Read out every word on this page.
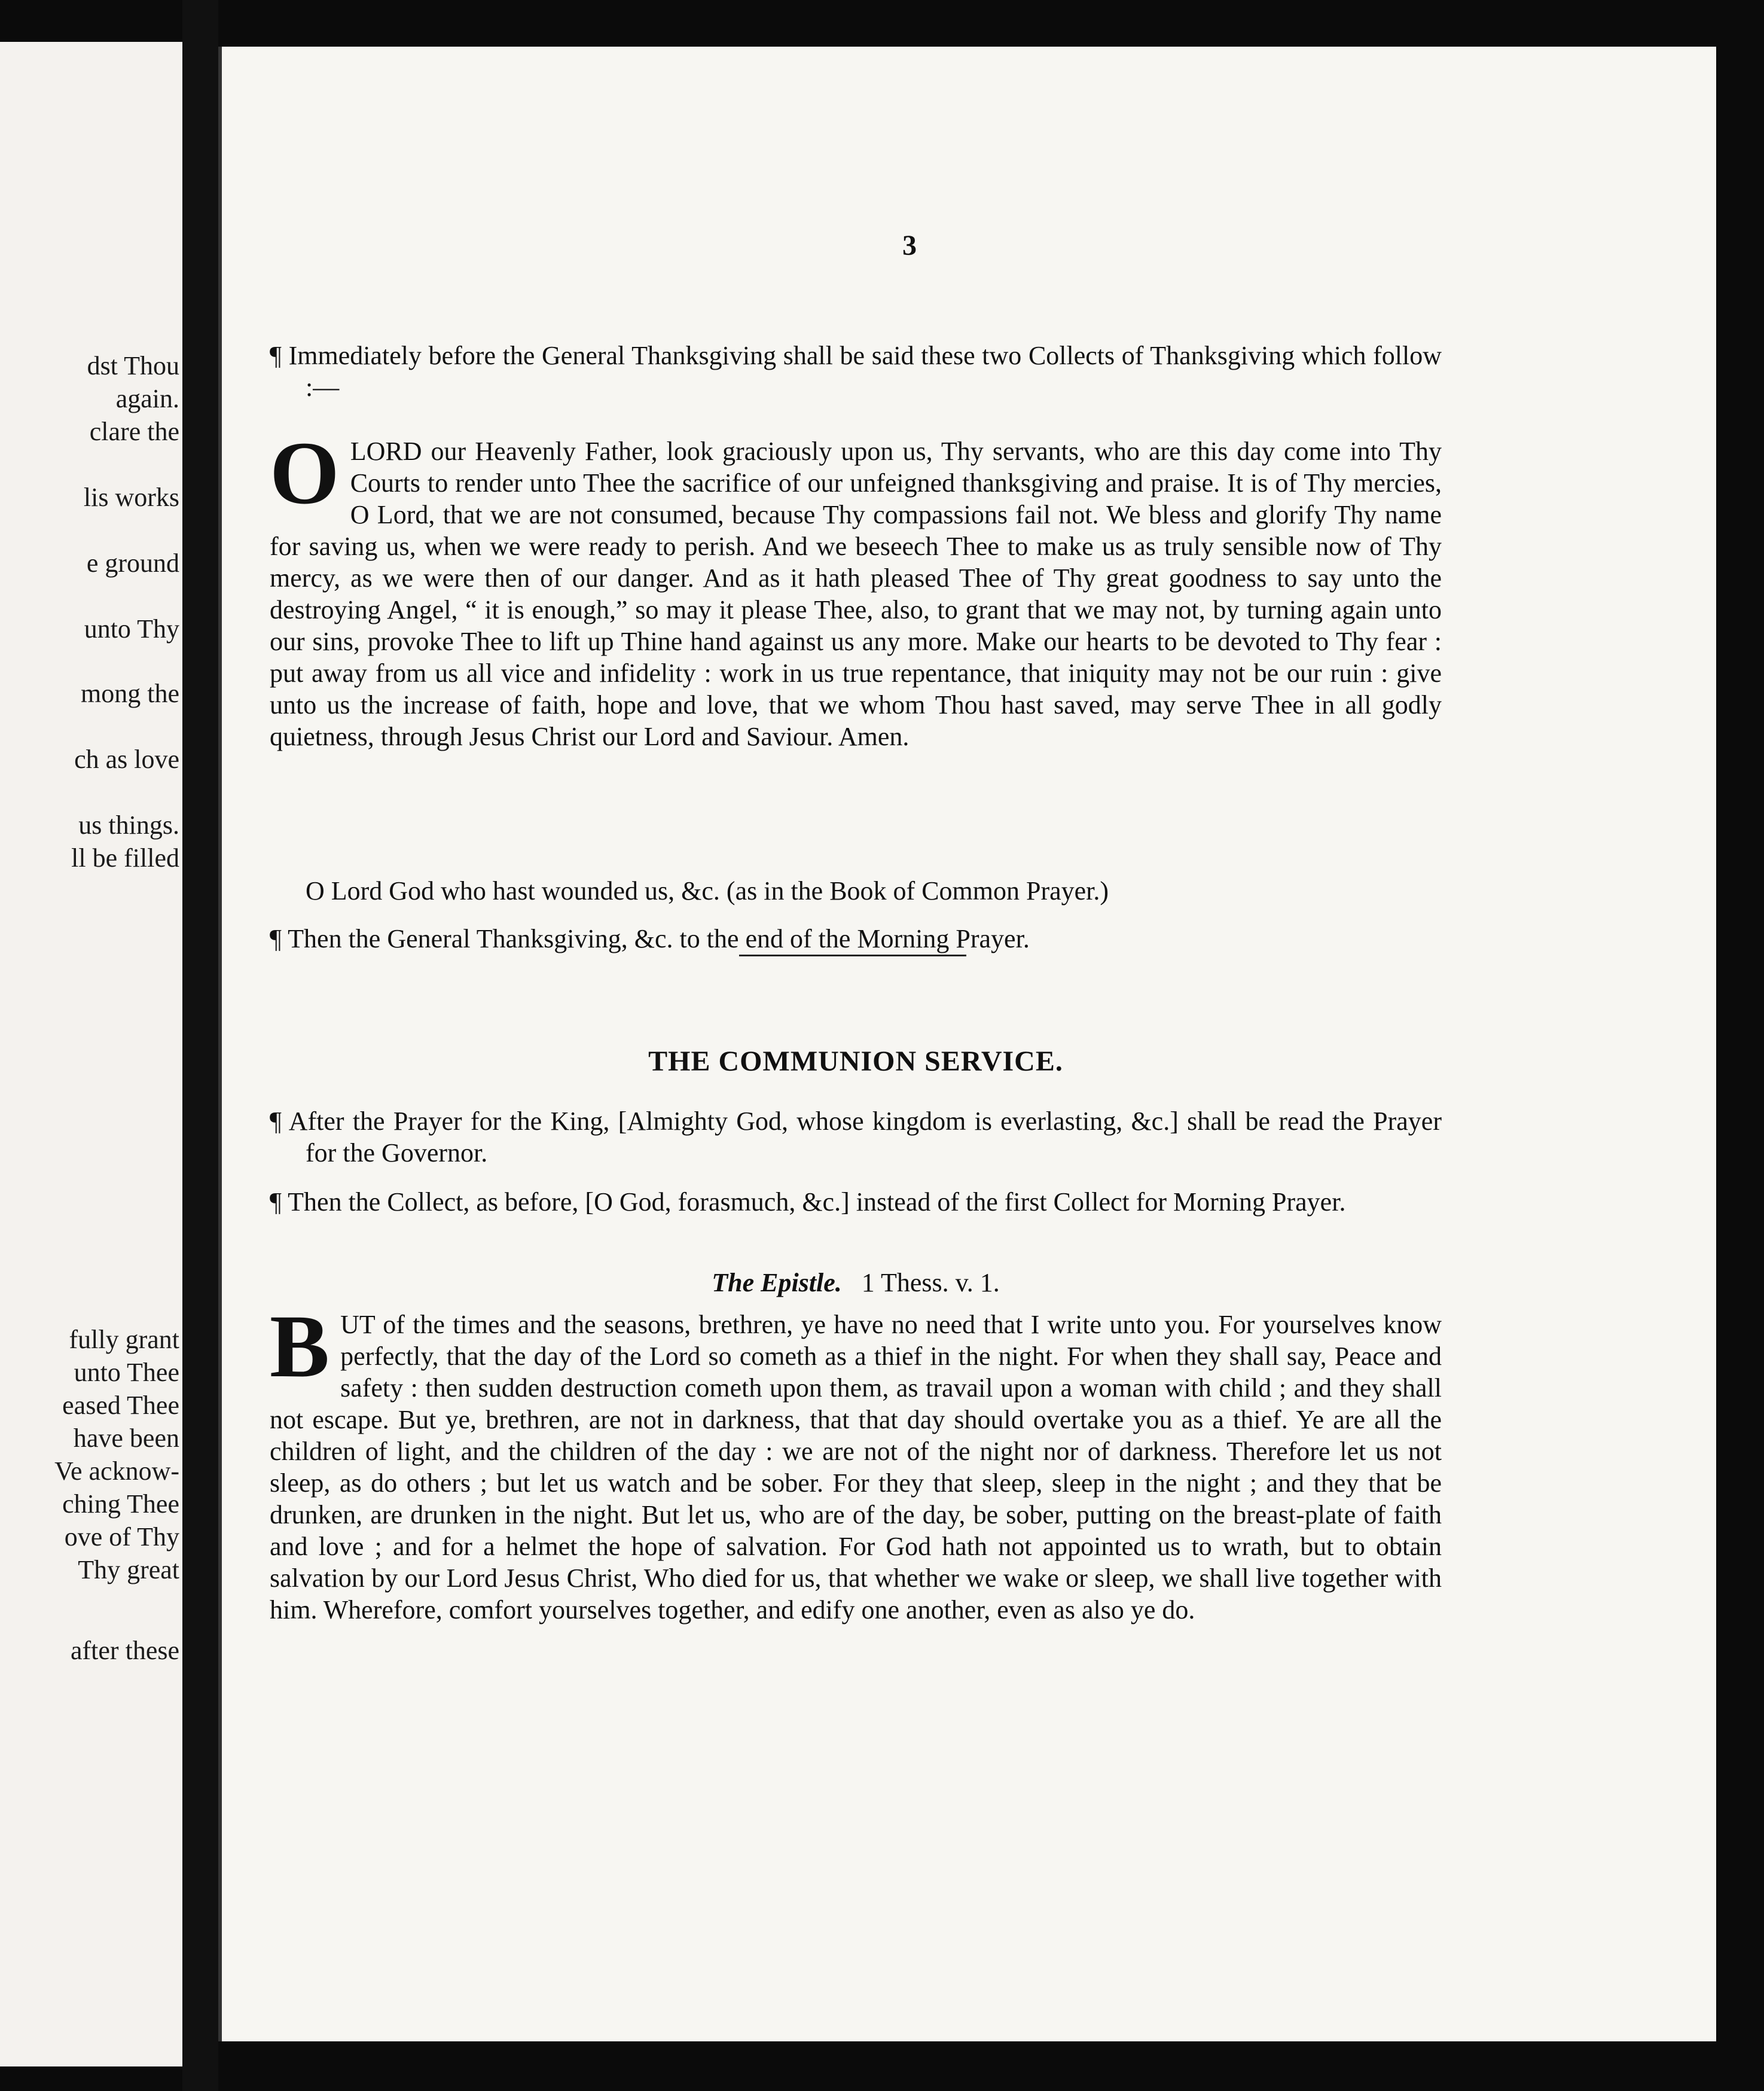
dst Thou
again.
clare the
lis works
e ground
unto Thy
mong the
ch as love
us things.
ll be filled
fully grant
unto Thee
eased Thee
have been
Ve acknow-
ching Thee
ove of Thy
Thy great
after these
3
¶ Immediately before the General Thanksgiving shall be said these two Collects of Thanksgiving which follow :—
O LORD our Heavenly Father, look graciously upon us, Thy servants, who are this day come into Thy Courts to render unto Thee the sacrifice of our unfeigned thanksgiving and praise. It is of Thy mercies, O Lord, that we are not consumed, because Thy compassions fail not. We bless and glorify Thy name for saving us, when we were ready to perish. And we beseech Thee to make us as truly sensible now of Thy mercy, as we were then of our danger. And as it hath pleased Thee of Thy great goodness to say unto the destroying Angel, “ it is enough,” so may it please Thee, also, to grant that we may not, by turning again unto our sins, provoke Thee to lift up Thine hand against us any more. Make our hearts to be devoted to Thy fear : put away from us all vice and infidelity : work in us true repentance, that iniquity may not be our ruin : give unto us the increase of faith, hope and love, that we whom Thou hast saved, may serve Thee in all godly quietness, through Jesus Christ our Lord and Saviour. Amen.
O Lord God who hast wounded us, &c. (as in the Book of Common Prayer.)
¶ Then the General Thanksgiving, &c. to the end of the Morning Prayer.
THE COMMUNION SERVICE.
¶ After the Prayer for the King, [Almighty God, whose kingdom is everlasting, &c.] shall be read the Prayer for the Governor.
¶ Then the Collect, as before, [O God, forasmuch, &c.] instead of the first Collect for Morning Prayer.
The Epistle. 1 Thess. v. 1.
B UT of the times and the seasons, brethren, ye have no need that I write unto you. For yourselves know perfectly, that the day of the Lord so cometh as a thief in the night. For when they shall say, Peace and safety : then sudden destruction cometh upon them, as travail upon a woman with child ; and they shall not escape. But ye, brethren, are not in darkness, that that day should overtake you as a thief. Ye are all the children of light, and the children of the day : we are not of the night nor of darkness. Therefore let us not sleep, as do others ; but let us watch and be sober. For they that sleep, sleep in the night ; and they that be drunken, are drunken in the night. But let us, who are of the day, be sober, putting on the breast-plate of faith and love ; and for a helmet the hope of salvation. For God hath not appointed us to wrath, but to obtain salvation by our Lord Jesus Christ, Who died for us, that whether we wake or sleep, we shall live together with him. Wherefore, comfort yourselves together, and edify one another, even as also ye do.
